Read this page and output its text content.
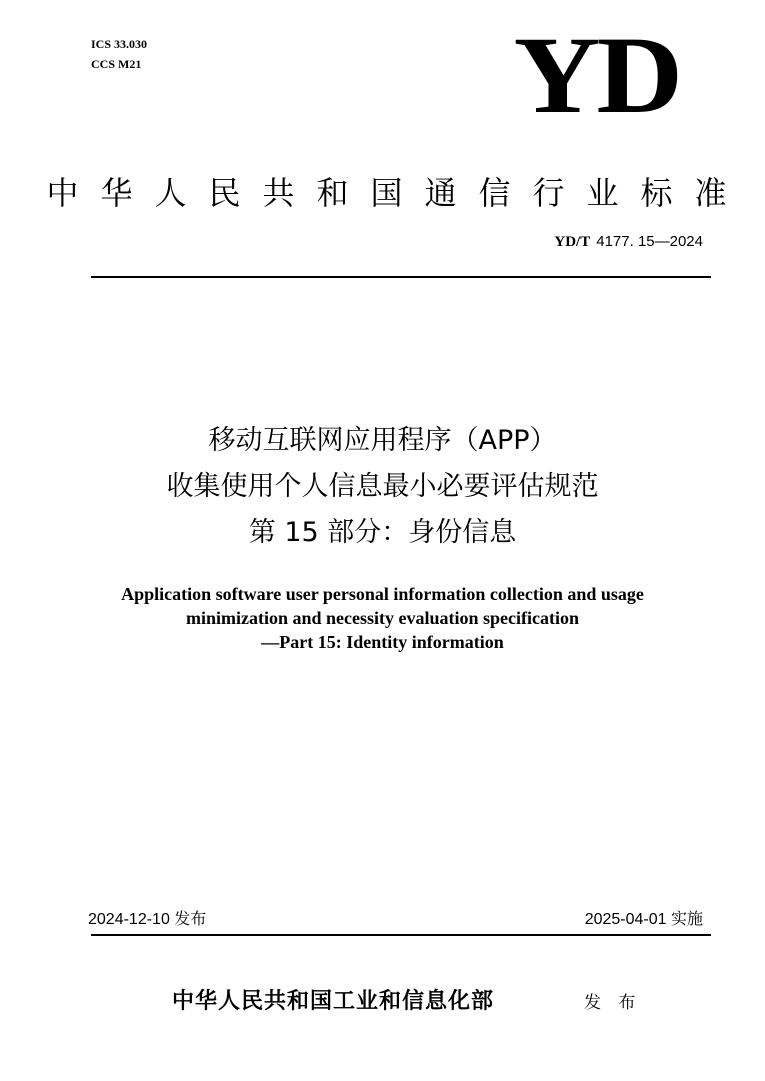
ICS 33.030
CCS M21	YD
中华人民共和国通信行业标准
YD/T 4177. 15—2024
移动互联网应用程序（APP）
收集使用个人信息最小必要评估规范
第 15 部分：身份信息
Application software user personal information collection and usage
minimization and necessity evaluation specification
—Part 15: Identity information
2024-12-10 发布	2025-04-01 实施
中华人民共和国工业和信息化部	发 布
